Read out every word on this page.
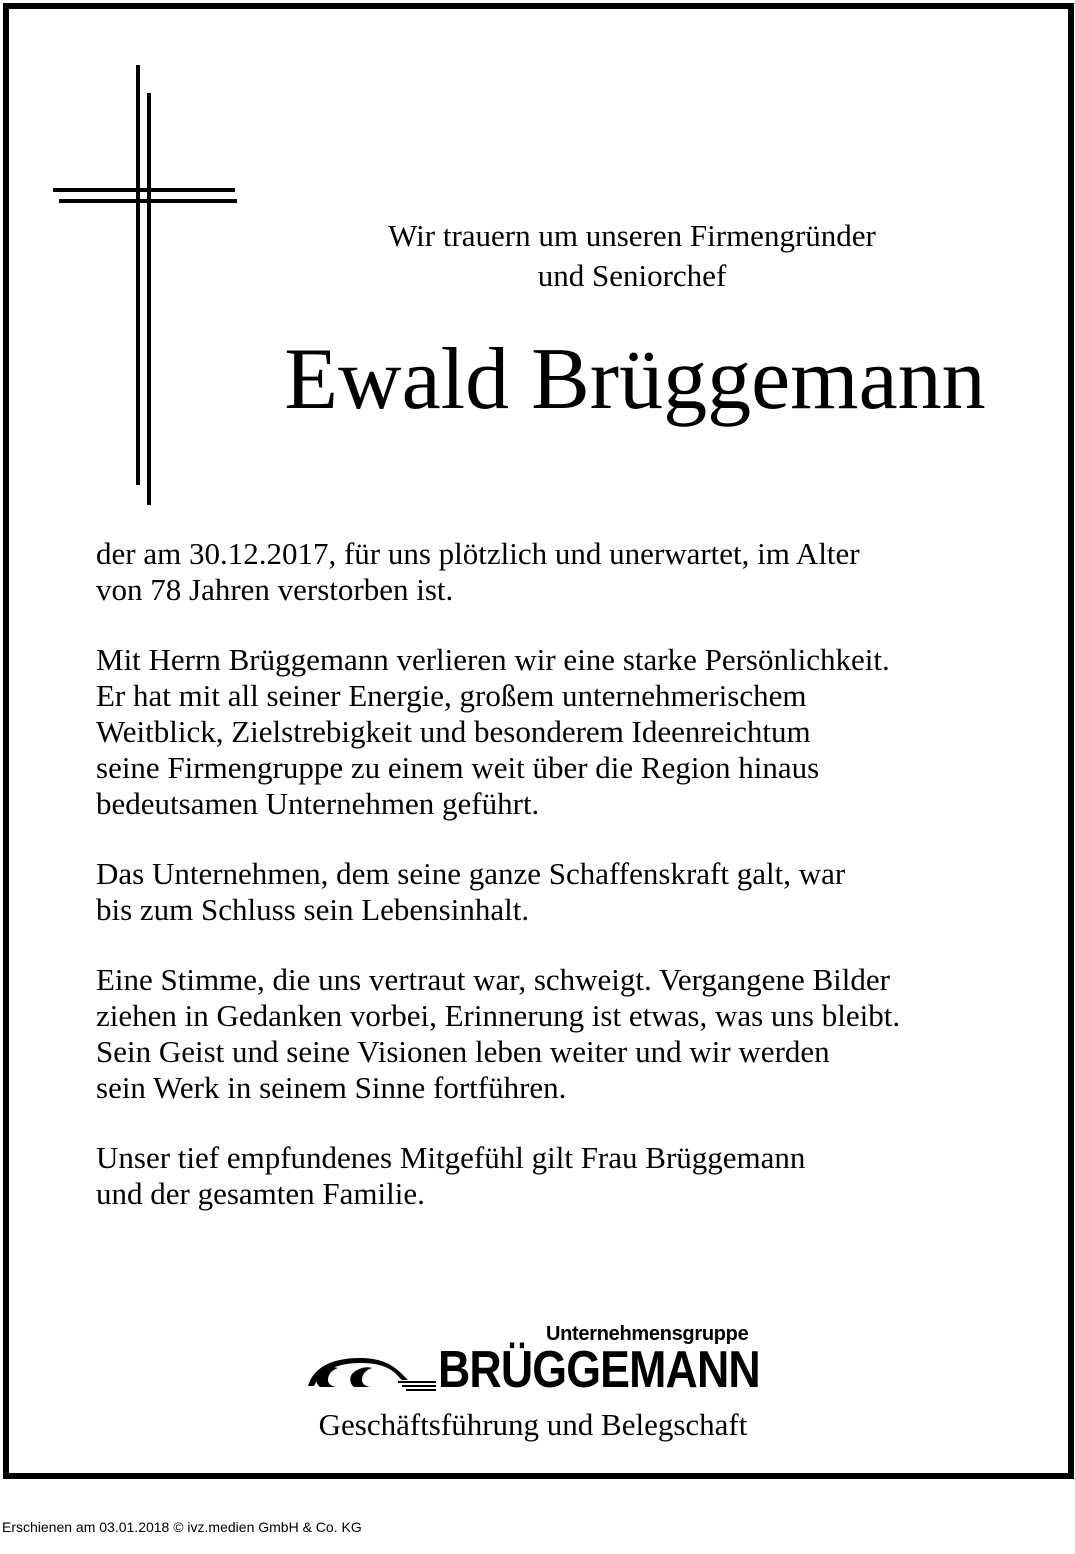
Wir trauern um unseren Firmengründer
und Seniorchef
Ewald Brüggemann
der am 30.12.2017, für uns plötzlich und unerwartet, im Alter
von 78 Jahren verstorben ist.
Mit Herrn Brüggemann verlieren wir eine starke Persönlichkeit.
Er hat mit all seiner Energie, großem unternehmerischem
Weitblick, Zielstrebigkeit und besonderem Ideenreichtum
seine Firmengruppe zu einem weit über die Region hinaus
bedeutsamen Unternehmen geführt.
Das Unternehmen, dem seine ganze Schaffenskraft galt, war
bis zum Schluss sein Lebensinhalt.
Eine Stimme, die uns vertraut war, schweigt. Vergangene Bilder
ziehen in Gedanken vorbei, Erinnerung ist etwas, was uns bleibt.
Sein Geist und seine Visionen leben weiter und wir werden
sein Werk in seinem Sinne fortführen.
Unser tief empfundenes Mitgefühl gilt Frau Brüggemann
und der gesamten Familie.
Unternehmensgruppe
BRÜGGEMANN
Geschäftsführung und Belegschaft
Erschienen am 03.01.2018 © ivz.medien GmbH & Co. KG
